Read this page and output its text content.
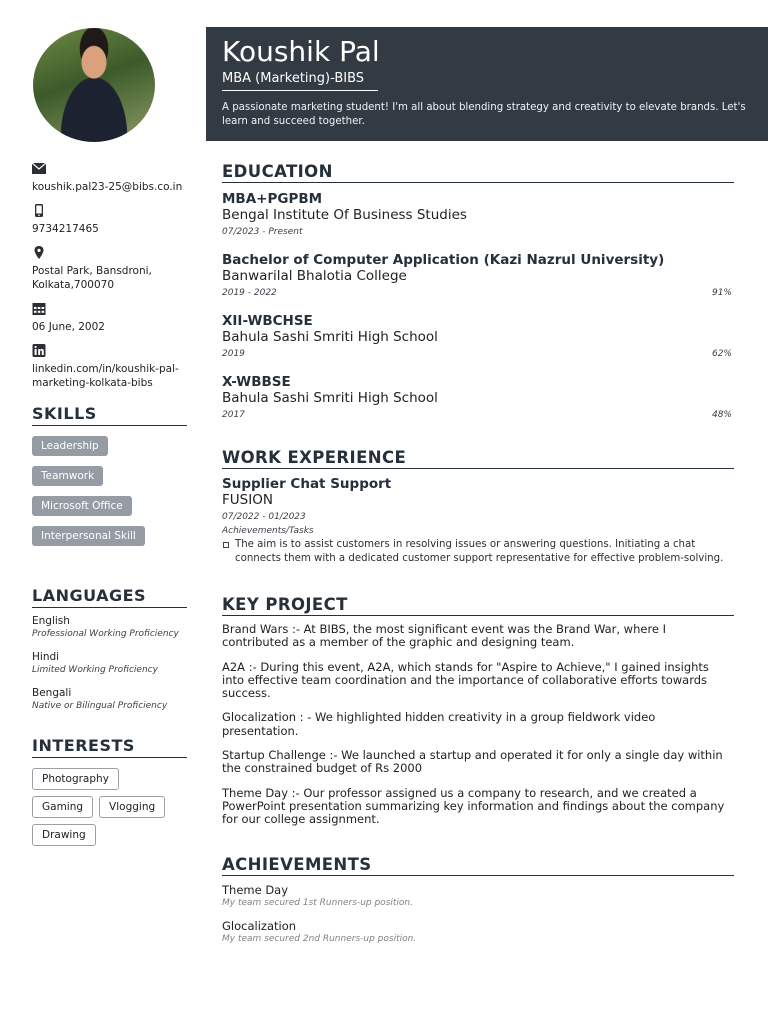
koushik.pal23-25@bibs.co.in
9734217465
Postal Park, Bansdroni, Kolkata,700070
06 June, 2002
linkedin.com/in/koushik-pal-marketing-kolkata-bibs
SKILLS
Leadership
Teamwork
Microsoft Office
Interpersonal Skill
LANGUAGES
English
Professional Working Proficiency
Hindi
Limited Working Proficiency
Bengali
Native or Bilingual Proficiency
INTERESTS
Photography
Gaming Vlogging
Drawing
Koushik Pal
MBA (Marketing)-BIBS
A passionate marketing student! I'm all about blending strategy and creativity to elevate brands. Let's learn and succeed together.
EDUCATION
MBA+PGPBM
Bengal Institute Of Business Studies
07/2023 - Present
Bachelor of Computer Application (Kazi Nazrul University)
Banwarilal Bhalotia College
2019 - 2022	91%
XII-WBCHSE
Bahula Sashi Smriti High School
2019	62%
X-WBBSE
Bahula Sashi Smriti High School
2017	48%
WORK EXPERIENCE
Supplier Chat Support
FUSION
07/2022 - 01/2023
Achievements/Tasks
The aim is to assist customers in resolving issues or answering questions. Initiating a chat connects them with a dedicated customer support representative for effective problem-solving.
KEY PROJECT

Brand Wars :- At BIBS, the most significant event was the Brand War, where I contributed as a member of the graphic and designing team.

A2A :- During this event, A2A, which stands for "Aspire to Achieve," I gained insights into effective team coordination and the importance of collaborative efforts towards success.

Glocalization : - We highlighted hidden creativity in a group fieldwork video presentation.

Startup Challenge :- We launched a startup and operated it for only a single day within the constrained budget of Rs 2000

Theme Day :- Our professor assigned us a company to research, and we created a PowerPoint presentation summarizing key information and findings about the company for our college assignment.

ACHIEVEMENTS
Theme Day
My team secured 1st Runners-up position.
Glocalization
My team secured 2nd Runners-up position.
